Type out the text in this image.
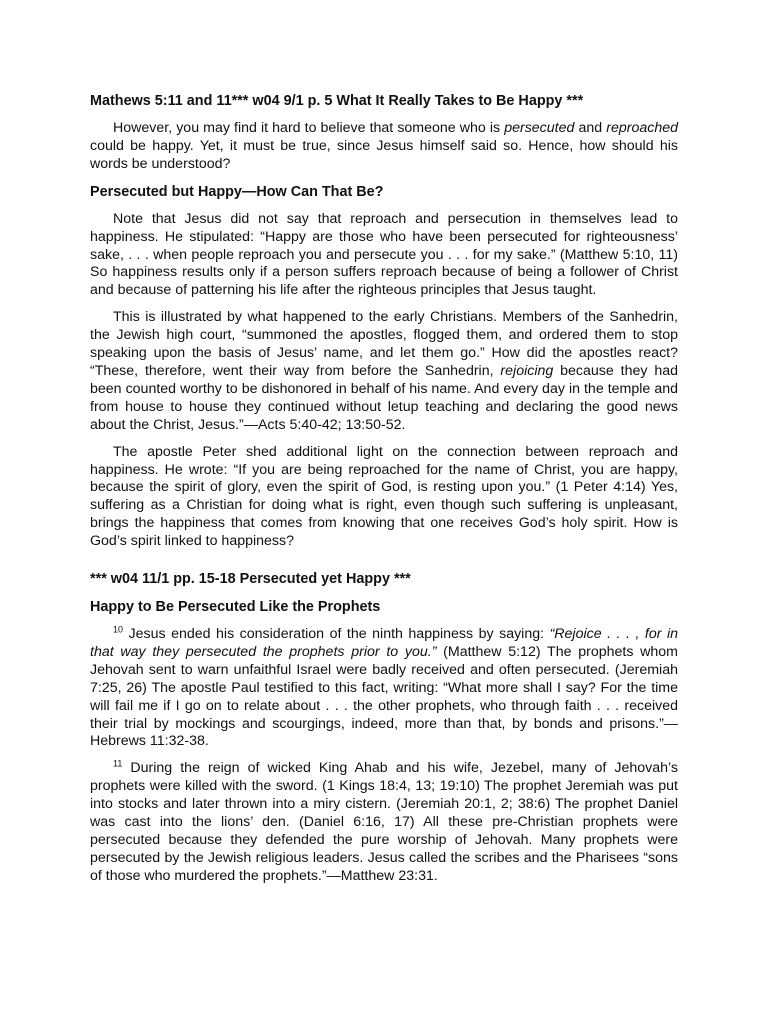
Mathews 5:11 and 11*** w04 9/1 p. 5 What It Really Takes to Be Happy ***

However, you may find it hard to believe that someone who is persecuted and reproached could be happy. Yet, it must be true, since Jesus himself said so. Hence, how should his words be understood?

Persecuted but Happy—How Can That Be?

Note that Jesus did not say that reproach and persecution in themselves lead to happiness. He stipulated: “Happy are those who have been persecuted for righteousness’ sake, . . . when people reproach you and persecute you . . . for my sake.” (Matthew 5:10, 11) So happiness results only if a person suffers reproach because of being a follower of Christ and because of patterning his life after the righteous principles that Jesus taught.

This is illustrated by what happened to the early Christians. Members of the Sanhedrin, the Jewish high court, “summoned the apostles, flogged them, and ordered them to stop speaking upon the basis of Jesus’ name, and let them go.” How did the apostles react? “These, therefore, went their way from before the Sanhedrin, rejoicing because they had been counted worthy to be dishonored in behalf of his name. And every day in the temple and from house to house they continued without letup teaching and declaring the good news about the Christ, Jesus.”—Acts 5:40-42; 13:50-52.

The apostle Peter shed additional light on the connection between reproach and happiness. He wrote: “If you are being reproached for the name of Christ, you are happy, because the spirit of glory, even the spirit of God, is resting upon you.” (1 Peter 4:14) Yes, suffering as a Christian for doing what is right, even though such suffering is unpleasant, brings the happiness that comes from knowing that one receives God’s holy spirit. How is God’s spirit linked to happiness?

*** w04 11/1 pp. 15-18 Persecuted yet Happy ***
Happy to Be Persecuted Like the Prophets

$^{10}$ Jesus ended his consideration of the ninth happiness by saying: “Rejoice . . . , for in that way they persecuted the prophets prior to you.” (Matthew 5:12) The prophets whom Jehovah sent to warn unfaithful Israel were badly received and often persecuted. (Jeremiah 7:25, 26) The apostle Paul testified to this fact, writing: “What more shall I say? For the time will fail me if I go on to relate about . . . the other prophets, who through faith . . . received their trial by mockings and scourgings, indeed, more than that, by bonds and prisons.”—Hebrews 11:32-38.

$^{11}$ During the reign of wicked King Ahab and his wife, Jezebel, many of Jehovah’s prophets were killed with the sword. (1 Kings 18:4, 13; 19:10) The prophet Jeremiah was put into stocks and later thrown into a miry cistern. (Jeremiah 20:1, 2; 38:6) The prophet Daniel was cast into the lions’ den. (Daniel 6:16, 17) All these pre-Christian prophets were persecuted because they defended the pure worship of Jehovah. Many prophets were persecuted by the Jewish religious leaders. Jesus called the scribes and the Pharisees “sons of those who murdered the prophets.”—Matthew 23:31.
